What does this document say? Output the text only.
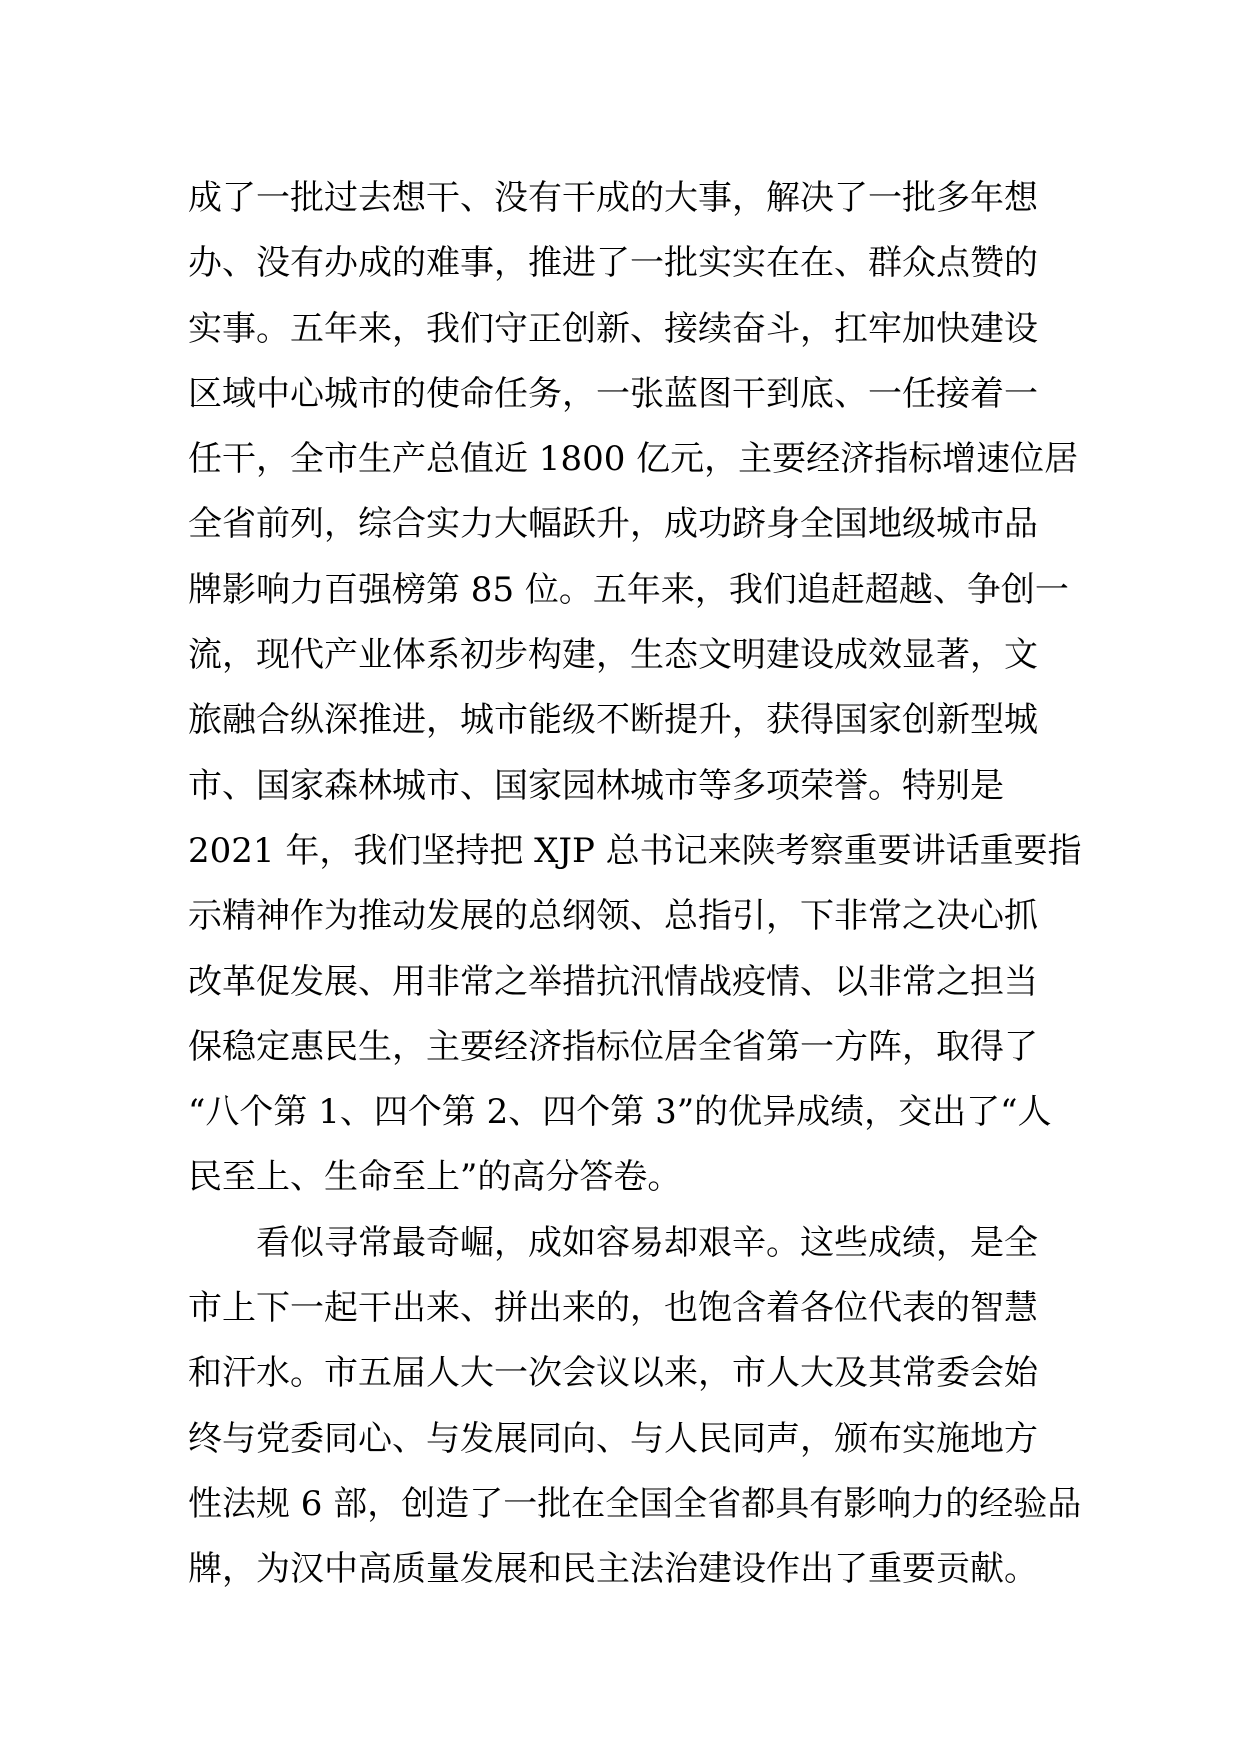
成了一批过去想干、没有干成的大事，解决了一批多年想
办、没有办成的难事，推进了一批实实在在、群众点赞的
实事。五年来，我们守正创新、接续奋斗，扛牢加快建设
区域中心城市的使命任务，一张蓝图干到底、一任接着一
任干，全市生产总值近 1800 亿元，主要经济指标增速位居
全省前列，综合实力大幅跃升，成功跻身全国地级城市品
牌影响力百强榜第 85 位。五年来，我们追赶超越、争创一
流，现代产业体系初步构建，生态文明建设成效显著，文
旅融合纵深推进，城市能级不断提升，获得国家创新型城
市、国家森林城市、国家园林城市等多项荣誉。特别是
2021 年，我们坚持把 XJP 总书记来陕考察重要讲话重要指
示精神作为推动发展的总纲领、总指引，下非常之决心抓
改革促发展、用非常之举措抗汛情战疫情、以非常之担当
保稳定惠民生，主要经济指标位居全省第一方阵，取得了
“八个第 1、四个第 2、四个第 3”的优异成绩，交出了“人
民至上、生命至上”的高分答卷。
　　看似寻常最奇崛，成如容易却艰辛。这些成绩，是全
市上下一起干出来、拼出来的，也饱含着各位代表的智慧
和汗水。市五届人大一次会议以来，市人大及其常委会始
终与党委同心、与发展同向、与人民同声，颁布实施地方
性法规 6 部，创造了一批在全国全省都具有影响力的经验品
牌，为汉中高质量发展和民主法治建设作出了重要贡献。
